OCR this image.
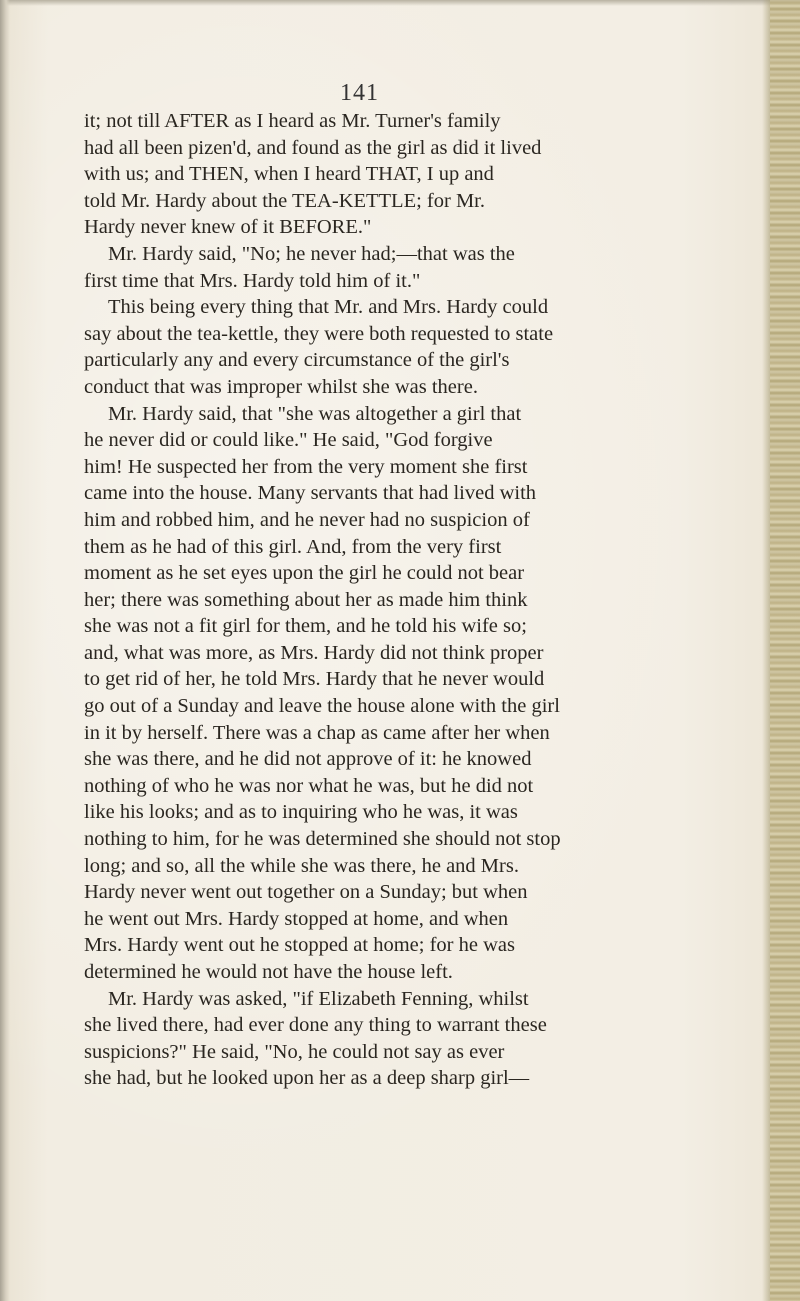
141
it; not till AFTER as I heard as Mr. Turner's family
had all been pizen'd, and found as the girl as did it lived
with us; and THEN, when I heard THAT, I up and
told Mr. Hardy about the TEA-KETTLE; for Mr.
Hardy never knew of it BEFORE."
Mr. Hardy said, "No; he never had;—that was the
first time that Mrs. Hardy told him of it."
This being every thing that Mr. and Mrs. Hardy could
say about the tea-kettle, they were both requested to state
particularly any and every circumstance of the girl's
conduct that was improper whilst she was there.
Mr. Hardy said, that "she was altogether a girl that
he never did or could like." He said, "God forgive
him! He suspected her from the very moment she first
came into the house. Many servants that had lived with
him and robbed him, and he never had no suspicion of
them as he had of this girl. And, from the very first
moment as he set eyes upon the girl he could not bear
her; there was something about her as made him think
she was not a fit girl for them, and he told his wife so;
and, what was more, as Mrs. Hardy did not think proper
to get rid of her, he told Mrs. Hardy that he never would
go out of a Sunday and leave the house alone with the girl
in it by herself. There was a chap as came after her when
she was there, and he did not approve of it: he knowed
nothing of who he was nor what he was, but he did not
like his looks; and as to inquiring who he was, it was
nothing to him, for he was determined she should not stop
long; and so, all the while she was there, he and Mrs.
Hardy never went out together on a Sunday; but when
he went out Mrs. Hardy stopped at home, and when
Mrs. Hardy went out he stopped at home; for he was
determined he would not have the house left.
Mr. Hardy was asked, "if Elizabeth Fenning, whilst
she lived there, had ever done any thing to warrant these
suspicions?" He said, "No, he could not say as ever
she had, but he looked upon her as a deep sharp girl—
